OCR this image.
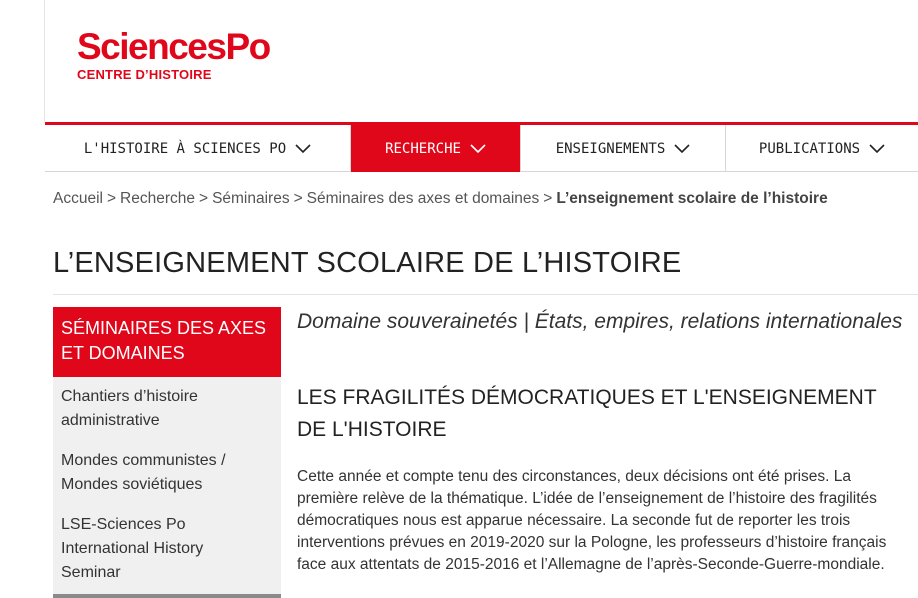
SciencesPo
CENTRE D’HISTOIRE
L'HISTOIRE À SCIENCES PO	RECHERCHE	ENSEIGNEMENTS	PUBLICATIONS
Accueil > Recherche > Séminaires > Séminaires des axes et domaines > L’enseignement scolaire de l’histoire
L’ENSEIGNEMENT SCOLAIRE DE L’HISTOIRE
SÉMINAIRES DES AXES ET DOMAINES
Chantiers d’histoire administrative
Mondes communistes / Mondes soviétiques
LSE-Sciences Po International History Seminar
Domaine souverainetés | États, empires, relations internationales
LES FRAGILITÉS DÉMOCRATIQUES ET L'ENSEIGNEMENT DE L'HISTOIRE

Cette année et compte tenu des circonstances, deux décisions ont été prises. La première relève de la thématique. L’idée de l’enseignement de l’histoire des fragilités démocratiques nous est apparue nécessaire. La seconde fut de reporter les trois interventions prévues en 2019-2020 sur la Pologne, les professeurs d’histoire français face aux attentats de 2015-2016 et l’Allemagne de l’après-Seconde-Guerre-mondiale.
